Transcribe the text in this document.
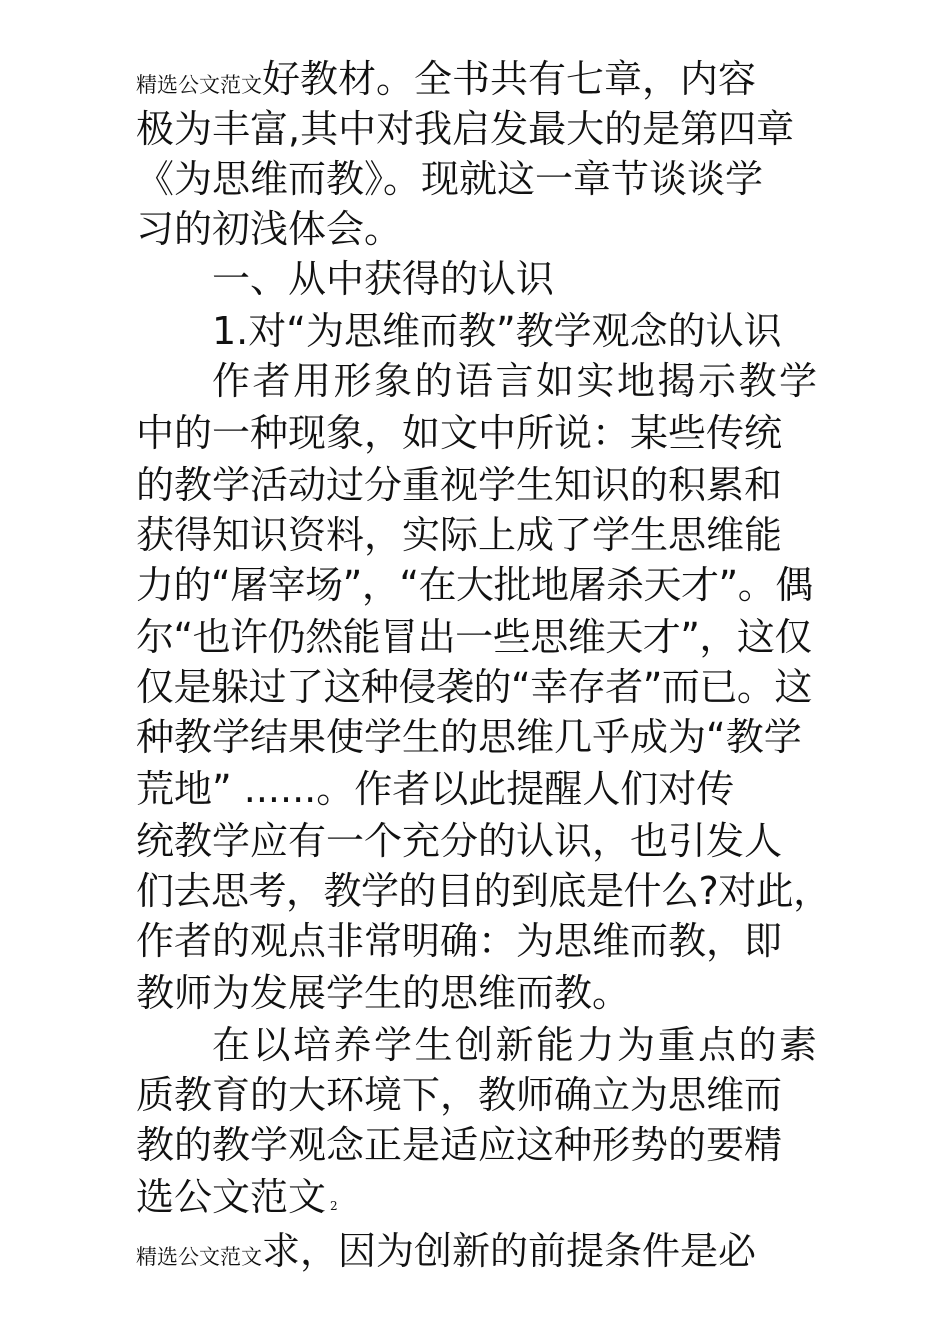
精选公文范文好教材。全书共有七章，内容
极为丰富,其中对我启发最大的是第四章
《为思维而教》。现就这一章节谈谈学
习的初浅体会。
一、从中获得的认识
1.对“为思维而教”教学观念的认识
作者用形象的语言如实地揭示教学
中的一种现象，如文中所说：某些传统
的教学活动过分重视学生知识的积累和
获得知识资料，实际上成了学生思维能
力的“屠宰场”，“在大批地屠杀天才”。偶
尔“也许仍然能冒出一些思维天才”，这仅
仅是躲过了这种侵袭的“幸存者”而已。这
种教学结果使学生的思维几乎成为“教学
荒地” ......。作者以此提醒人们对传
统教学应有一个充分的认识，也引发人
们去思考，教学的目的到底是什么?对此，
作者的观点非常明确：为思维而教，即
教师为发展学生的思维而教。
在以培养学生创新能力为重点的素
质教育的大环境下，教师确立为思维而
教的教学观念正是适应这种形势的要精
选公文范文 2
精选公文范文求，因为创新的前提条件是必
